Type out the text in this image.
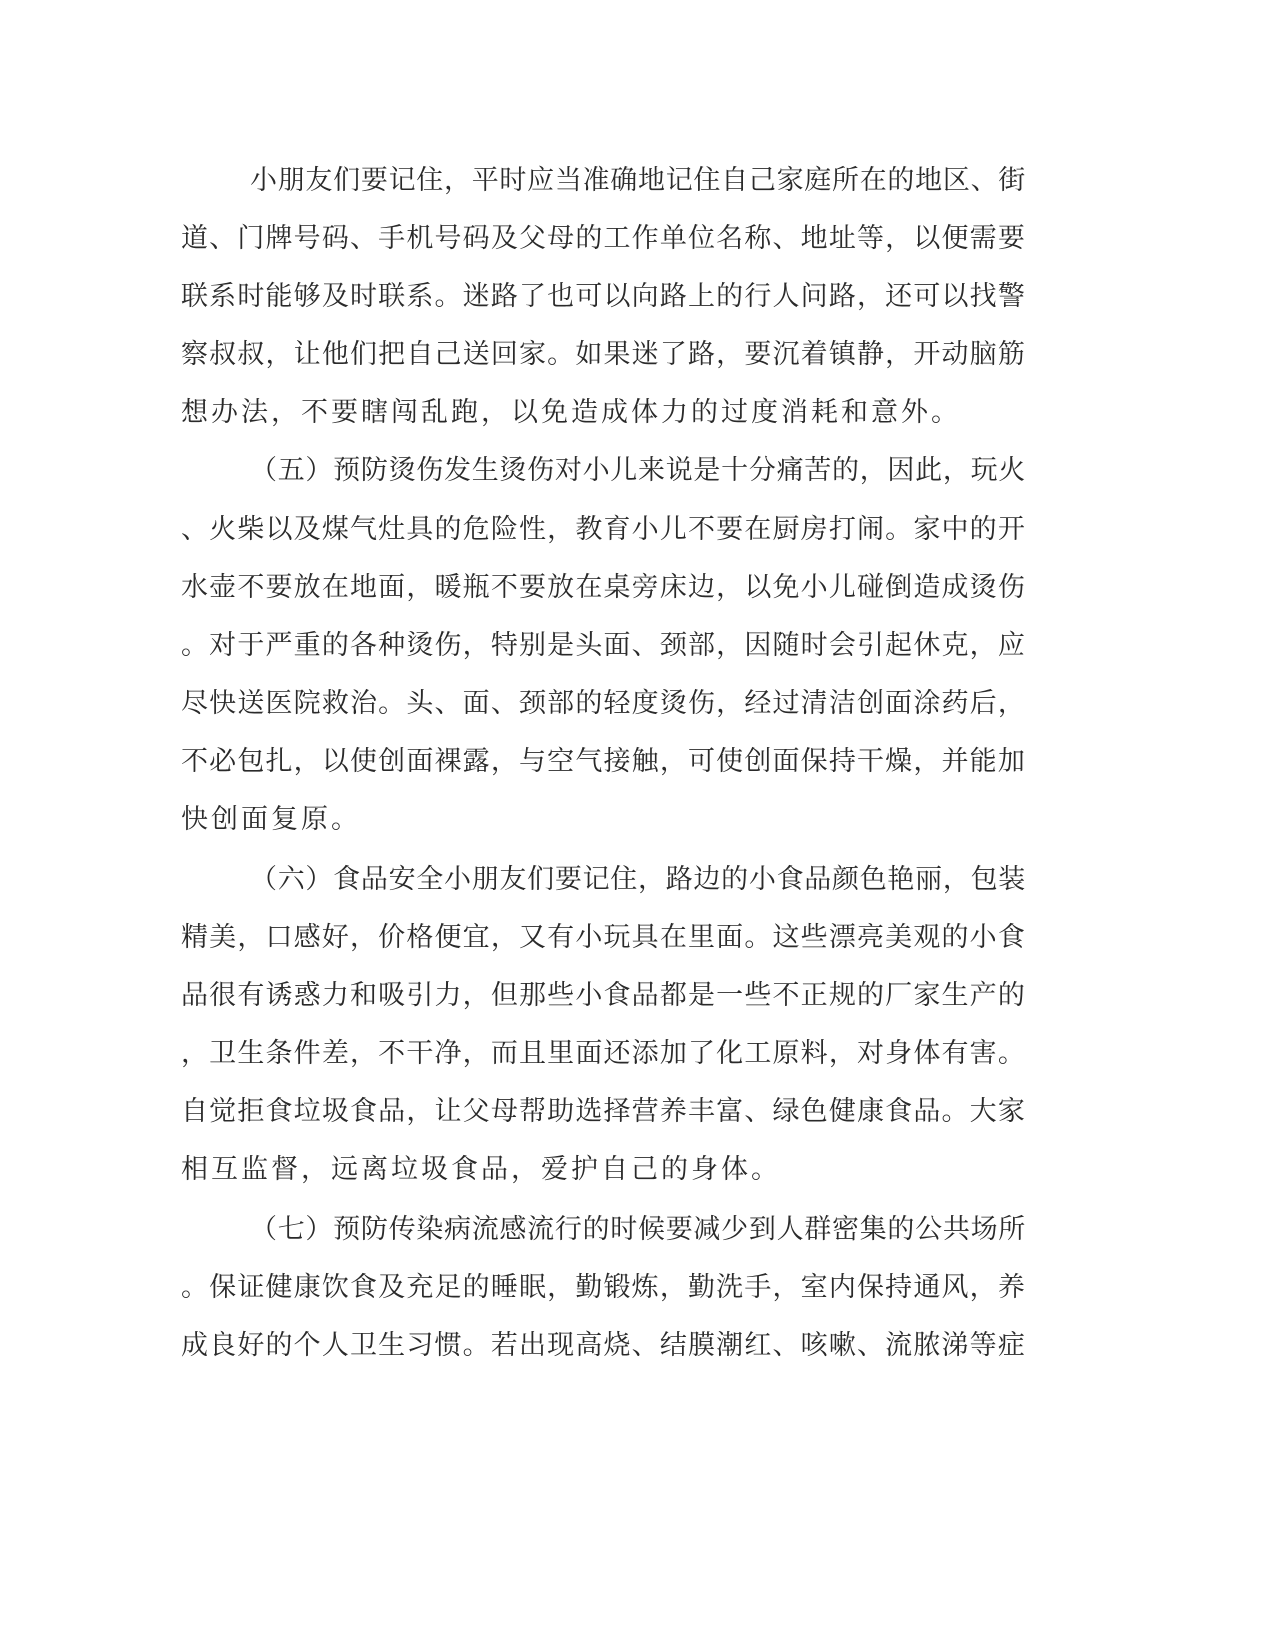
小朋友们要记住，平时应当准确地记住自己家庭所在的地区、街
道、门牌号码、手机号码及父母的工作单位名称、地址等，以便需要
联系时能够及时联系。迷路了也可以向路上的行人问路，还可以找警
察叔叔，让他们把自己送回家。如果迷了路，要沉着镇静，开动脑筋
想办法，不要瞎闯乱跑，以免造成体力的过度消耗和意外。
（五）预防烫伤发生烫伤对小儿来说是十分痛苦的，因此，玩火
、火柴以及煤气灶具的危险性，教育小儿不要在厨房打闹。家中的开
水壶不要放在地面，暖瓶不要放在桌旁床边，以免小儿碰倒造成烫伤
。对于严重的各种烫伤，特别是头面、颈部，因随时会引起休克，应
尽快送医院救治。头、面、颈部的轻度烫伤，经过清洁创面涂药后，
不必包扎，以使创面裸露，与空气接触，可使创面保持干燥，并能加
快创面复原。
（六）食品安全小朋友们要记住，路边的小食品颜色艳丽，包装
精美，口感好，价格便宜，又有小玩具在里面。这些漂亮美观的小食
品很有诱惑力和吸引力，但那些小食品都是一些不正规的厂家生产的
，卫生条件差，不干净，而且里面还添加了化工原料，对身体有害。
自觉拒食垃圾食品，让父母帮助选择营养丰富、绿色健康食品。大家
相互监督，远离垃圾食品，爱护自己的身体。
（七）预防传染病流感流行的时候要减少到人群密集的公共场所
。保证健康饮食及充足的睡眠，勤锻炼，勤洗手，室内保持通风，养
成良好的个人卫生习惯。若出现高烧、结膜潮红、咳嗽、流脓涕等症
